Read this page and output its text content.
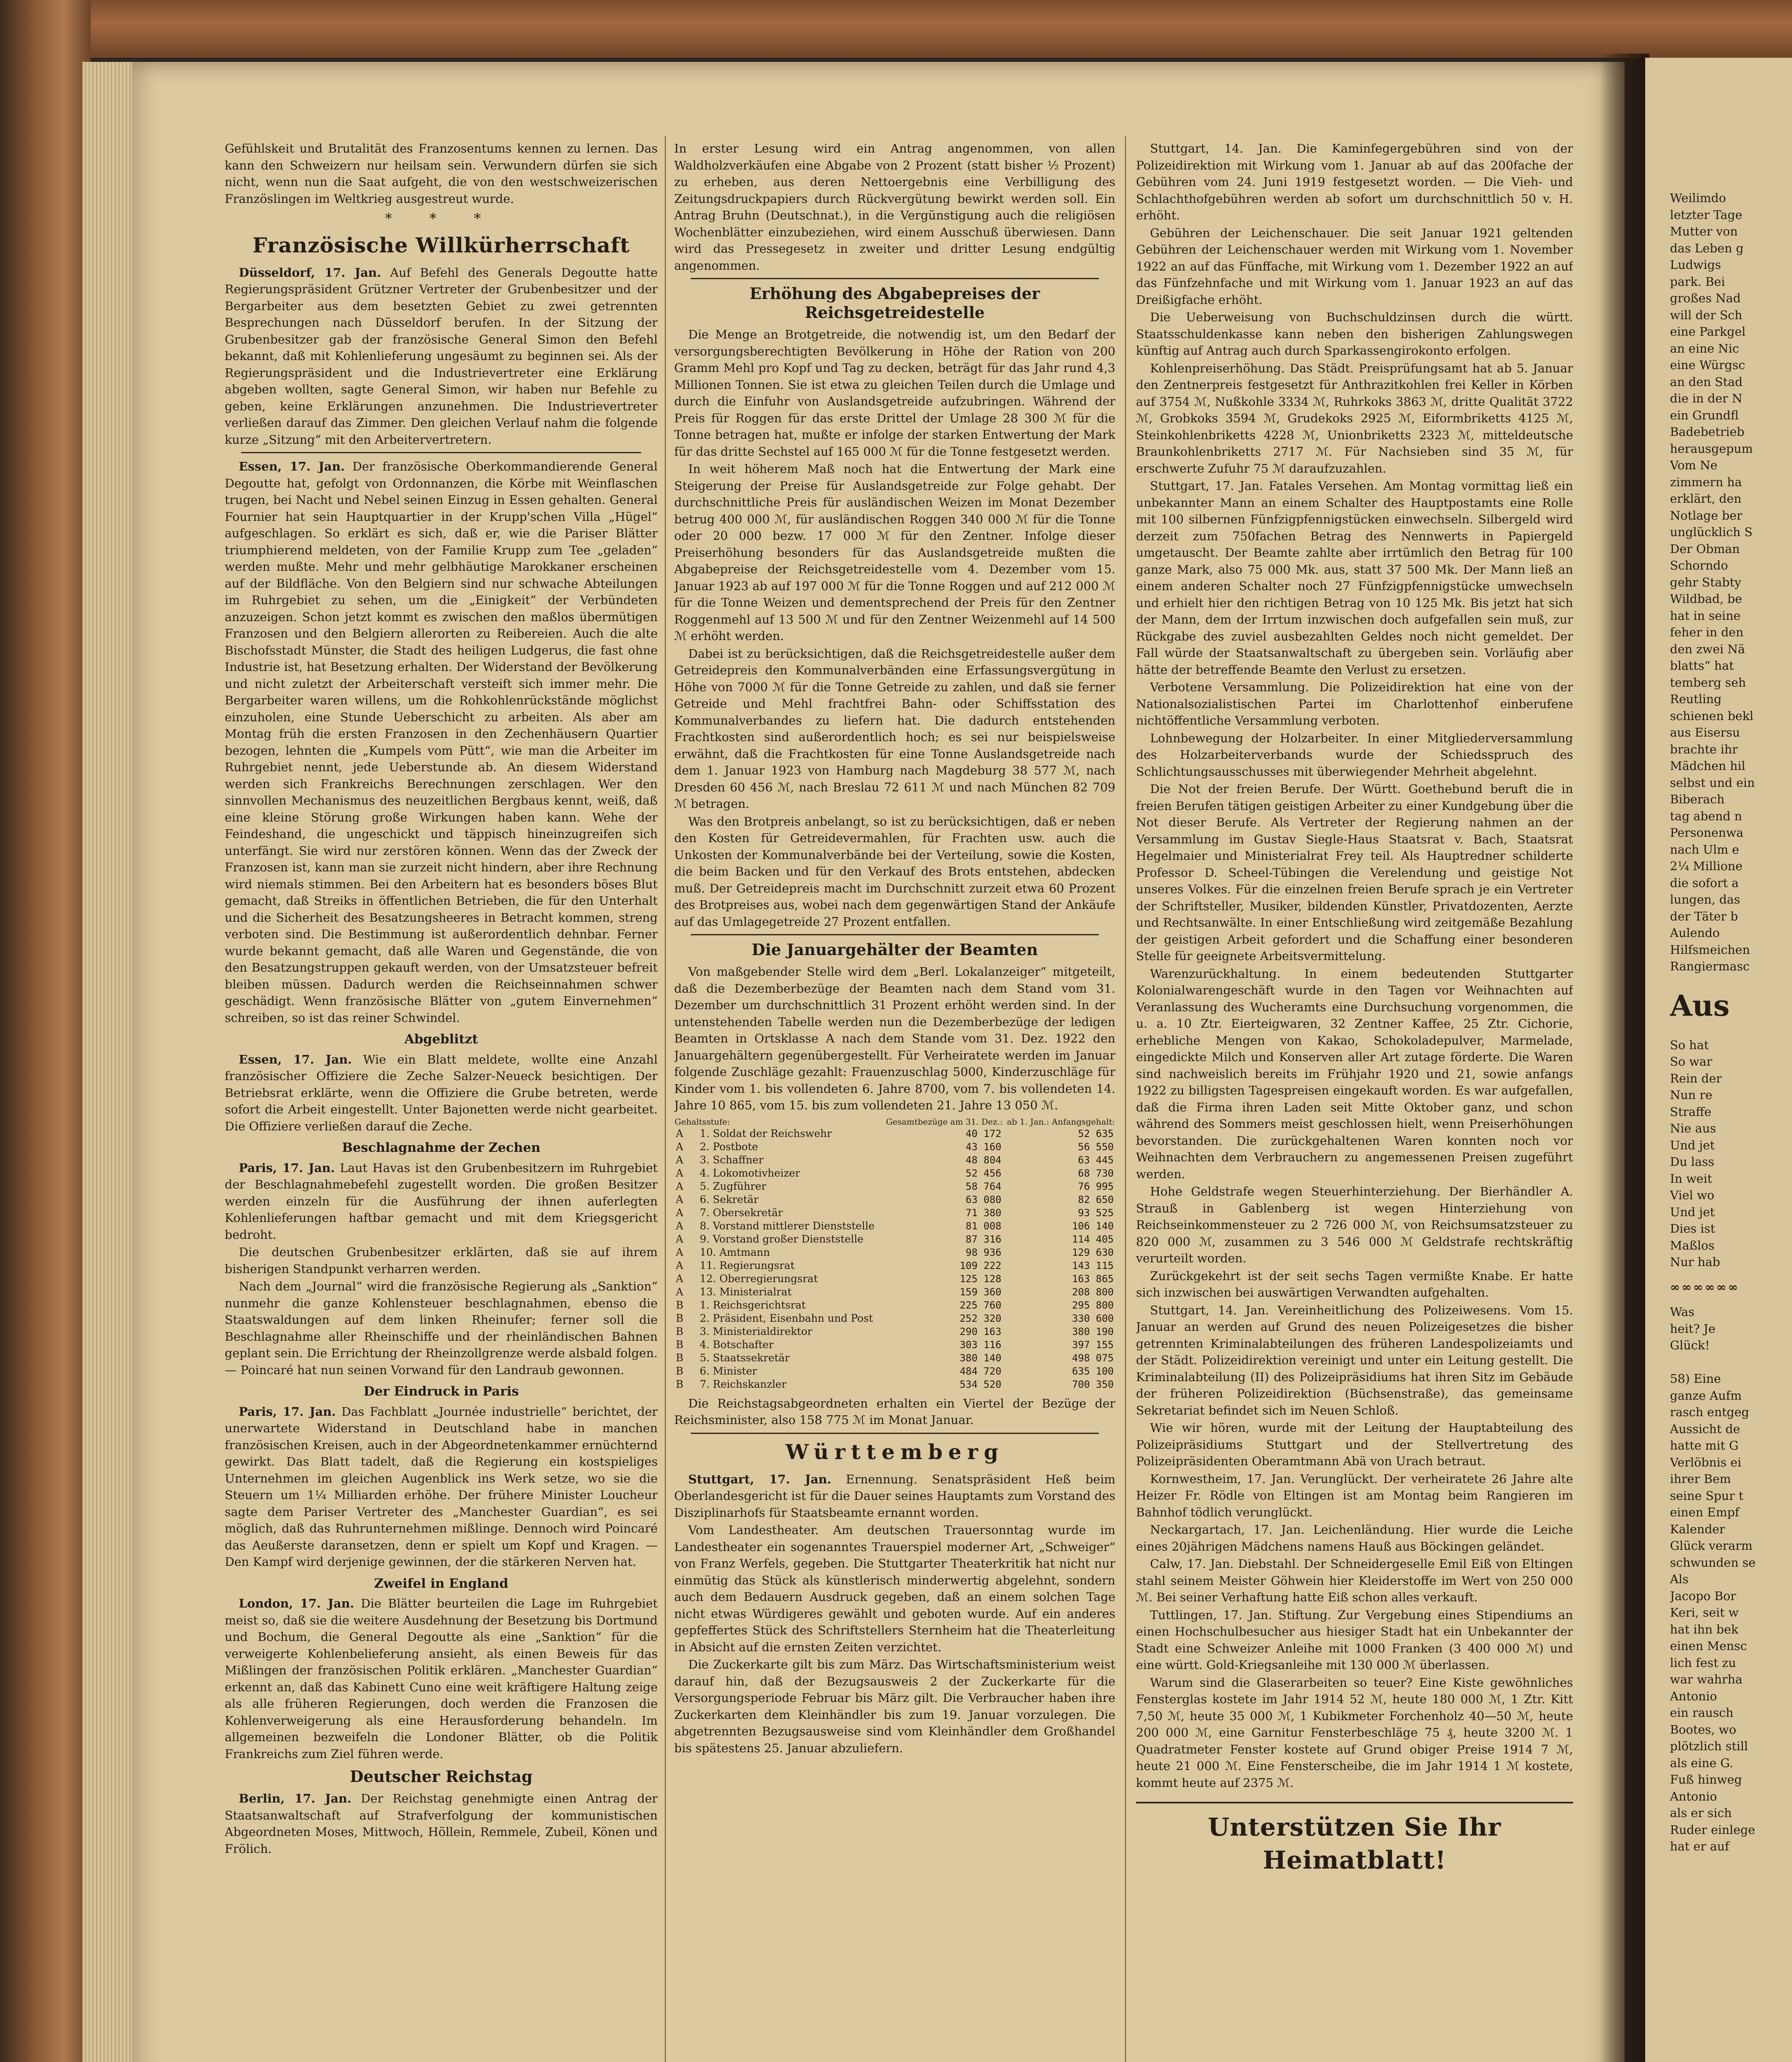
Gefühlskeit und Brutalität des Franzosentums kennen zu lernen. Das kann den Schweizern nur heilsam sein. Verwundern dürfen sie sich nicht, wenn nun die Saat aufgeht, die von den westschweizerischen Französlingen im Weltkrieg ausgestreut wurde.

* * *
Französische Willkürherrschaft

Düsseldorf, 17. Jan. Auf Befehl des Generals Degoutte hatte Regierungspräsident Grützner Vertreter der Grubenbesitzer und der Bergarbeiter aus dem besetzten Gebiet zu zwei getrennten Besprechungen nach Düsseldorf berufen. In der Sitzung der Grubenbesitzer gab der französische General Simon den Befehl bekannt, daß mit Kohlenlieferung ungesäumt zu beginnen sei. Als der Regierungspräsident und die Industrievertreter eine Erklärung abgeben wollten, sagte General Simon, wir haben nur Befehle zu geben, keine Erklärungen anzunehmen. Die Industrievertreter verließen darauf das Zimmer. Den gleichen Verlauf nahm die folgende kurze „Sitzung“ mit den Arbeitervertretern.

Essen, 17. Jan. Der französische Oberkommandierende General Degoutte hat, gefolgt von Ordonnanzen, die Körbe mit Weinflaschen trugen, bei Nacht und Nebel seinen Einzug in Essen gehalten. General Fournier hat sein Hauptquartier in der Krupp'schen Villa „Hügel“ aufgeschlagen. So erklärt es sich, daß er, wie die Pariser Blätter triumphierend meldeten, von der Familie Krupp zum Tee „geladen“ werden mußte. Mehr und mehr gelbhäutige Marokkaner erscheinen auf der Bildfläche. Von den Belgiern sind nur schwache Abteilungen im Ruhrgebiet zu sehen, um die „Einigkeit“ der Verbündeten anzuzeigen. Schon jetzt kommt es zwischen den maßlos übermütigen Franzosen und den Belgiern allerorten zu Reibereien. Auch die alte Bischofsstadt Münster, die Stadt des heiligen Ludgerus, die fast ohne Industrie ist, hat Besetzung erhalten. Der Widerstand der Bevölkerung und nicht zuletzt der Arbeiterschaft versteift sich immer mehr. Die Bergarbeiter waren willens, um die Rohkohlenrückstände möglichst einzuholen, eine Stunde Ueberschicht zu arbeiten. Als aber am Montag früh die ersten Franzosen in den Zechenhäusern Quartier bezogen, lehnten die „Kumpels vom Pütt“, wie man die Arbeiter im Ruhrgebiet nennt, jede Ueberstunde ab. An diesem Widerstand werden sich Frankreichs Berechnungen zerschlagen. Wer den sinnvollen Mechanismus des neuzeitlichen Bergbaus kennt, weiß, daß eine kleine Störung große Wirkungen haben kann. Wehe der Feindeshand, die ungeschickt und täppisch hineinzugreifen sich unterfängt. Sie wird nur zerstören können. Wenn das der Zweck der Franzosen ist, kann man sie zurzeit nicht hindern, aber ihre Rechnung wird niemals stimmen. Bei den Arbeitern hat es besonders böses Blut gemacht, daß Streiks in öffentlichen Betrieben, die für den Unterhalt und die Sicherheit des Besatzungsheeres in Betracht kommen, streng verboten sind. Die Bestimmung ist außerordentlich dehnbar. Ferner wurde bekannt gemacht, daß alle Waren und Gegenstände, die von den Besatzungstruppen gekauft werden, von der Umsatzsteuer befreit bleiben müssen. Dadurch werden die Reichseinnahmen schwer geschädigt. Wenn französische Blätter von „gutem Einvernehmen“ schreiben, so ist das reiner Schwindel.

Abgeblitzt

Essen, 17. Jan. Wie ein Blatt meldete, wollte eine Anzahl französischer Offiziere die Zeche Salzer-Neueck besichtigen. Der Betriebsrat erklärte, wenn die Offiziere die Grube betreten, werde sofort die Arbeit eingestellt. Unter Bajonetten werde nicht gearbeitet. Die Offiziere verließen darauf die Zeche.

Beschlagnahme der Zechen

Paris, 17. Jan. Laut Havas ist den Grubenbesitzern im Ruhrgebiet der Beschlagnahmebefehl zugestellt worden. Die großen Besitzer werden einzeln für die Ausführung der ihnen auferlegten Kohlenlieferungen haftbar gemacht und mit dem Kriegsgericht bedroht.

Die deutschen Grubenbesitzer erklärten, daß sie auf ihrem bisherigen Standpunkt verharren werden.

Nach dem „Journal“ wird die französische Regierung als „Sanktion“ nunmehr die ganze Kohlensteuer beschlagnahmen, ebenso die Staatswaldungen auf dem linken Rheinufer; ferner soll die Beschlagnahme aller Rheinschiffe und der rheinländischen Bahnen geplant sein. Die Errichtung der Rheinzollgrenze werde alsbald folgen. — Poincaré hat nun seinen Vorwand für den Landraub gewonnen.

Der Eindruck in Paris

Paris, 17. Jan. Das Fachblatt „Journée industrielle“ berichtet, der unerwartete Widerstand in Deutschland habe in manchen französischen Kreisen, auch in der Abgeordnetenkammer ernüchternd gewirkt. Das Blatt tadelt, daß die Regierung ein kostspieliges Unternehmen im gleichen Augenblick ins Werk setze, wo sie die Steuern um 1¼ Milliarden erhöhe. Der frühere Minister Loucheur sagte dem Pariser Vertreter des „Manchester Guardian“, es sei möglich, daß das Ruhrunternehmen mißlinge. Dennoch wird Poincaré das Aeußerste daransetzen, denn er spielt um Kopf und Kragen. — Den Kampf wird derjenige gewinnen, der die stärkeren Nerven hat.

Zweifel in England

London, 17. Jan. Die Blätter beurteilen die Lage im Ruhrgebiet meist so, daß sie die weitere Ausdehnung der Besetzung bis Dortmund und Bochum, die General Degoutte als eine „Sanktion“ für die verweigerte Kohlenbelieferung ansieht, als einen Beweis für das Mißlingen der französischen Politik erklären. „Manchester Guardian“ erkennt an, daß das Kabinett Cuno eine weit kräftigere Haltung zeige als alle früheren Regierungen, doch werden die Franzosen die Kohlenverweigerung als eine Herausforderung behandeln. Im allgemeinen bezweifeln die Londoner Blätter, ob die Politik Frankreichs zum Ziel führen werde.

Deutscher Reichstag

Berlin, 17. Jan. Der Reichstag genehmigte einen Antrag der Staatsanwaltschaft auf Strafverfolgung der kommunistischen Abgeordneten Moses, Mittwoch, Höllein, Remmele, Zubeil, Könen und Frölich.

In erster Lesung wird ein Antrag angenommen, von allen Waldholzverkäufen eine Abgabe von 2 Prozent (statt bisher ½ Prozent) zu erheben, aus deren Nettoergebnis eine Verbilligung des Zeitungsdruckpapiers durch Rückvergütung bewirkt werden soll. Ein Antrag Bruhn (Deutschnat.), in die Vergünstigung auch die religiösen Wochenblätter einzubeziehen, wird einem Ausschuß überwiesen. Dann wird das Pressegesetz in zweiter und dritter Lesung endgültig angenommen.

Erhöhung des Abgabepreises der Reichsgetreidestelle

Die Menge an Brotgetreide, die notwendig ist, um den Bedarf der versorgungsberechtigten Bevölkerung in Höhe der Ration von 200 Gramm Mehl pro Kopf und Tag zu decken, beträgt für das Jahr rund 4,3 Millionen Tonnen. Sie ist etwa zu gleichen Teilen durch die Umlage und durch die Einfuhr von Auslandsgetreide aufzubringen. Während der Preis für Roggen für das erste Drittel der Umlage 28 300 ℳ für die Tonne betragen hat, mußte er infolge der starken Entwertung der Mark für das dritte Sechstel auf 165 000 ℳ für die Tonne festgesetzt werden.

In weit höherem Maß noch hat die Entwertung der Mark eine Steigerung der Preise für Auslandsgetreide zur Folge gehabt. Der durchschnittliche Preis für ausländischen Weizen im Monat Dezember betrug 400 000 ℳ, für ausländischen Roggen 340 000 ℳ für die Tonne oder 20 000 bezw. 17 000 ℳ für den Zentner. Infolge dieser Preiserhöhung besonders für das Auslandsgetreide mußten die Abgabepreise der Reichsgetreidestelle vom 4. Dezember vom 15. Januar 1923 ab auf 197 000 ℳ für die Tonne Roggen und auf 212 000 ℳ für die Tonne Weizen und dementsprechend der Preis für den Zentner Roggenmehl auf 13 500 ℳ und für den Zentner Weizenmehl auf 14 500 ℳ erhöht werden.

Dabei ist zu berücksichtigen, daß die Reichsgetreidestelle außer dem Getreidepreis den Kommunalverbänden eine Erfassungsvergütung in Höhe von 7000 ℳ für die Tonne Getreide zu zahlen, und daß sie ferner Getreide und Mehl frachtfrei Bahn- oder Schiffsstation des Kommunalverbandes zu liefern hat. Die dadurch entstehenden Frachtkosten sind außerordentlich hoch; es sei nur beispielsweise erwähnt, daß die Frachtkosten für eine Tonne Auslandsgetreide nach dem 1. Januar 1923 von Hamburg nach Magdeburg 38 577 ℳ, nach Dresden 60 456 ℳ, nach Breslau 72 611 ℳ und nach München 82 709 ℳ betragen.

Was den Brotpreis anbelangt, so ist zu berücksichtigen, daß er neben den Kosten für Getreidevermahlen, für Frachten usw. auch die Unkosten der Kommunalverbände bei der Verteilung, sowie die Kosten, die beim Backen und für den Verkauf des Brots entstehen, abdecken muß. Der Getreidepreis macht im Durchschnitt zurzeit etwa 60 Prozent des Brotpreises aus, wobei nach dem gegenwärtigen Stand der Ankäufe auf das Umlagegetreide 27 Prozent entfallen.

Die Januargehälter der Beamten

Von maßgebender Stelle wird dem „Berl. Lokalanzeiger“ mitgeteilt, daß die Dezemberbezüge der Beamten nach dem Stand vom 31. Dezember um durchschnittlich 31 Prozent erhöht werden sind. In der untenstehenden Tabelle werden nun die Dezemberbezüge der ledigen Beamten in Ortsklasse A nach dem Stande vom 31. Dez. 1922 den Januargehältern gegenübergestellt. Für Verheiratete werden im Januar folgende Zuschläge gezahlt: Frauenzuschlag 5000, Kinderzuschläge für Kinder vom 1. bis vollendeten 6. Jahre 8700, vom 7. bis vollendeten 14. Jahre 10 865, vom 15. bis zum vollendeten 21. Jahre 13 050 ℳ.

Gehaltsstufe:		Gesamtbezüge am 31. Dez.:	ab 1. Jan.: Anfangsgehalt:
A	1. Soldat der Reichswehr	40 172	52 635
A	2. Postbote	43 160	56 550
A	3. Schaffner	48 804	63 445
A	4. Lokomotivheizer	52 456	68 730
A	5. Zugführer	58 764	76 995
A	6. Sekretär	63 080	82 650
A	7. Obersekretär	71 380	93 525
A	8. Vorstand mittlerer Dienststelle	81 008	106 140
A	9. Vorstand großer Dienststelle	87 316	114 405
A	10. Amtmann	98 936	129 630
A	11. Regierungsrat	109 222	143 115
A	12. Oberregierungsrat	125 128	163 865
A	13. Ministerialrat	159 360	208 800
B	1. Reichsgerichtsrat	225 760	295 800
B	2. Präsident, Eisenbahn und Post	252 320	330 600
B	3. Ministerialdirektor	290 163	380 190
B	4. Botschafter	303 116	397 155
B	5. Staatssekretär	380 140	498 075
B	6. Minister	484 720	635 100
B	7. Reichskanzler	534 520	700 350

Die Reichstagsabgeordneten erhalten ein Viertel der Bezüge der Reichsminister, also 158 775 ℳ im Monat Januar.

Württemberg

Stuttgart, 17. Jan. Ernennung. Senatspräsident Heß beim Oberlandesgericht ist für die Dauer seines Hauptamts zum Vorstand des Disziplinarhofs für Staatsbeamte ernannt worden.

Vom Landestheater. Am deutschen Trauersonntag wurde im Landestheater ein sogenanntes Trauerspiel moderner Art, „Schweiger“ von Franz Werfels, gegeben. Die Stuttgarter Theaterkritik hat nicht nur einmütig das Stück als künstlerisch minderwertig abgelehnt, sondern auch dem Bedauern Ausdruck gegeben, daß an einem solchen Tage nicht etwas Würdigeres gewählt und geboten wurde. Auf ein anderes gepfeffertes Stück des Schriftstellers Sternheim hat die Theaterleitung in Absicht auf die ernsten Zeiten verzichtet.

Die Zuckerkarte gilt bis zum März. Das Wirtschaftsministerium weist darauf hin, daß der Bezugsausweis 2 der Zuckerkarte für die Versorgungsperiode Februar bis März gilt. Die Verbraucher haben ihre Zuckerkarten dem Kleinhändler bis zum 19. Januar vorzulegen. Die abgetrennten Bezugsausweise sind vom Kleinhändler dem Großhandel bis spätestens 25. Januar abzuliefern.

Stuttgart, 14. Jan. Die Kaminfegergebühren sind von der Polizeidirektion mit Wirkung vom 1. Januar ab auf das 200fache der Gebühren vom 24. Juni 1919 festgesetzt worden. — Die Vieh- und Schlachthofgebühren werden ab sofort um durchschnittlich 50 v. H. erhöht.

Gebühren der Leichenschauer. Die seit Januar 1921 geltenden Gebühren der Leichenschauer werden mit Wirkung vom 1. November 1922 an auf das Fünffache, mit Wirkung vom 1. Dezember 1922 an auf das Fünfzehnfache und mit Wirkung vom 1. Januar 1923 an auf das Dreißigfache erhöht.

Die Ueberweisung von Buchschuldzinsen durch die württ. Staatsschuldenkasse kann neben den bisherigen Zahlungswegen künftig auf Antrag auch durch Sparkassengirokonto erfolgen.

Kohlenpreiserhöhung. Das Städt. Preisprüfungsamt hat ab 5. Januar den Zentnerpreis festgesetzt für Anthrazitkohlen frei Keller in Körben auf 3754 ℳ, Nußkohle 3334 ℳ, Ruhrkoks 3863 ℳ, dritte Qualität 3722 ℳ, Grobkoks 3594 ℳ, Grudekoks 2925 ℳ, Eiformbriketts 4125 ℳ, Steinkohlenbriketts 4228 ℳ, Unionbriketts 2323 ℳ, mitteldeutsche Braunkohlenbriketts 2717 ℳ. Für Nachsieben sind 35 ℳ, für erschwerte Zufuhr 75 ℳ daraufzuzahlen.

Stuttgart, 17. Jan. Fatales Versehen. Am Montag vormittag ließ ein unbekannter Mann an einem Schalter des Hauptpostamts eine Rolle mit 100 silbernen Fünfzigpfennigstücken einwechseln. Silbergeld wird derzeit zum 750fachen Betrag des Nennwerts in Papiergeld umgetauscht. Der Beamte zahlte aber irrtümlich den Betrag für 100 ganze Mark, also 75 000 Mk. aus, statt 37 500 Mk. Der Mann ließ an einem anderen Schalter noch 27 Fünfzigpfennigstücke umwechseln und erhielt hier den richtigen Betrag von 10 125 Mk. Bis jetzt hat sich der Mann, dem der Irrtum inzwischen doch aufgefallen sein muß, zur Rückgabe des zuviel ausbezahlten Geldes noch nicht gemeldet. Der Fall würde der Staatsanwaltschaft zu übergeben sein. Vorläufig aber hätte der betreffende Beamte den Verlust zu ersetzen.

Verbotene Versammlung. Die Polizeidirektion hat eine von der Nationalsozialistischen Partei im Charlottenhof einberufene nichtöffentliche Versammlung verboten.

Lohnbewegung der Holzarbeiter. In einer Mitgliederversammlung des Holzarbeiterverbands wurde der Schiedsspruch des Schlichtungsausschusses mit überwiegender Mehrheit abgelehnt.

Die Not der freien Berufe. Der Württ. Goethebund beruft die in freien Berufen tätigen geistigen Arbeiter zu einer Kundgebung über die Not dieser Berufe. Als Vertreter der Regierung nahmen an der Versammlung im Gustav Siegle-Haus Staatsrat v. Bach, Staatsrat Hegelmaier und Ministerialrat Frey teil. Als Hauptredner schilderte Professor D. Scheel-Tübingen die Verelendung und geistige Not unseres Volkes. Für die einzelnen freien Berufe sprach je ein Vertreter der Schriftsteller, Musiker, bildenden Künstler, Privatdozenten, Aerzte und Rechtsanwälte. In einer Entschließung wird zeitgemäße Bezahlung der geistigen Arbeit gefordert und die Schaffung einer besonderen Stelle für geeignete Arbeitsvermittelung.

Warenzurückhaltung. In einem bedeutenden Stuttgarter Kolonialwarengeschäft wurde in den Tagen vor Weihnachten auf Veranlassung des Wucheramts eine Durchsuchung vorgenommen, die u. a. 10 Ztr. Eierteigwaren, 32 Zentner Kaffee, 25 Ztr. Cichorie, erhebliche Mengen von Kakao, Schokoladepulver, Marmelade, eingedickte Milch und Konserven aller Art zutage förderte. Die Waren sind nachweislich bereits im Frühjahr 1920 und 21, sowie anfangs 1922 zu billigsten Tagespreisen eingekauft worden. Es war aufgefallen, daß die Firma ihren Laden seit Mitte Oktober ganz, und schon während des Sommers meist geschlossen hielt, wenn Preiserhöhungen bevorstanden. Die zurückgehaltenen Waren konnten noch vor Weihnachten dem Verbrauchern zu angemessenen Preisen zugeführt werden.

Hohe Geldstrafe wegen Steuerhinterziehung. Der Bierhändler A. Strauß in Gablenberg ist wegen Hinterziehung von Reichseinkommensteuer zu 2 726 000 ℳ, von Reichsumsatzsteuer zu 820 000 ℳ, zusammen zu 3 546 000 ℳ Geldstrafe rechtskräftig verurteilt worden.

Zurückgekehrt ist der seit sechs Tagen vermißte Knabe. Er hatte sich inzwischen bei auswärtigen Verwandten aufgehalten.

Stuttgart, 14. Jan. Vereinheitlichung des Polizeiwesens. Vom 15. Januar an werden auf Grund des neuen Polizeigesetzes die bisher getrennten Kriminalabteilungen des früheren Landespolizeiamts und der Städt. Polizeidirektion vereinigt und unter ein Leitung gestellt. Die Kriminalabteilung (II) des Polizeipräsidiums hat ihren Sitz im Gebäude der früheren Polizeidirektion (Büchsenstraße), das gemeinsame Sekretariat befindet sich im Neuen Schloß.

Wie wir hören, wurde mit der Leitung der Hauptabteilung des Polizeipräsidiums Stuttgart und der Stellvertretung des Polizeipräsidenten Oberamtmann Abä von Urach betraut.

Kornwestheim, 17. Jan. Verunglückt. Der verheiratete 26 Jahre alte Heizer Fr. Rödle von Eltingen ist am Montag beim Rangieren im Bahnhof tödlich verunglückt.

Neckargartach, 17. Jan. Leichenländung. Hier wurde die Leiche eines 20jährigen Mädchens namens Hauß aus Böckingen geländet.

Calw, 17. Jan. Diebstahl. Der Schneidergeselle Emil Eiß von Eltingen stahl seinem Meister Göhwein hier Kleiderstoffe im Wert von 250 000 ℳ. Bei seiner Verhaftung hatte Eiß schon alles verkauft.

Tuttlingen, 17. Jan. Stiftung. Zur Vergebung eines Stipendiums an einen Hochschulbesucher aus hiesiger Stadt hat ein Unbekannter der Stadt eine Schweizer Anleihe mit 1000 Franken (3 400 000 ℳ) und eine württ. Gold-Kriegsanleihe mit 130 000 ℳ überlassen.

Warum sind die Glaserarbeiten so teuer? Eine Kiste gewöhnliches Fensterglas kostete im Jahr 1914 52 ℳ, heute 180 000 ℳ, 1 Ztr. Kitt 7,50 ℳ, heute 35 000 ℳ, 1 Kubikmeter Forchenholz 40—50 ℳ, heute 200 000 ℳ, eine Garnitur Fensterbeschläge 75 ₰, heute 3200 ℳ. 1 Quadratmeter Fenster kostete auf Grund obiger Preise 1914 7 ℳ, heute 21 000 ℳ. Eine Fensterscheibe, die im Jahr 1914 1 ℳ kostete, kommt heute auf 2375 ℳ.

Unterstützen Sie Ihr Heimatblatt!
Weilimdo
letzter Tage
Mutter von
das Leben g
Ludwigs
park. Bei
großes Nad
will der Sch
eine Parkgel
an eine Nic
eine Würgsc
an den Stad
die in der N
ein Grundfl
Badebetrieb
herausgepum
Vom Ne
zimmern ha
erklärt, den
Notlage ber
unglücklich S
Der Obman
Schorndo
gehr Stabty
Wildbad, be
hat in seine
feher in den
den zwei Nä
blatts“ hat
temberg seh
Reutling
schienen bekl
aus Eisersu
brachte ihr
Mädchen hil
selbst und ein
Biberach
tag abend n
Personenwa
nach Ulm e
2¼ Millione
die sofort a
lungen, das
der Täter b
Aulendo
Hilfsmeichen
Rangiermasc
Aus
So hat
So war
Rein der
Nun re
Straffe
Nie aus
Und jet
Du lass
In weit
Viel wo
Und jet
Dies ist
Maßlos
Nur hab
∞∞∞∞∞∞
Was
heit? Je
Glück!

58) Eine
ganze Aufm
rasch entgeg
Aussicht de
hatte mit G
Verlöbnis ei
ihrer Bem
seine Spur t
einen Empf
Kalender
Glück verarm
schwunden se
Als
Jacopo Bor
Keri, seit w
hat ihn bek
einen Mensc
lich fest zu
war wahrha
Antonio
ein rausch
Bootes, wo
plötzlich still
als eine G.
Fuß hinweg
Antonio
als er sich
Ruder einlege
hat er auf
